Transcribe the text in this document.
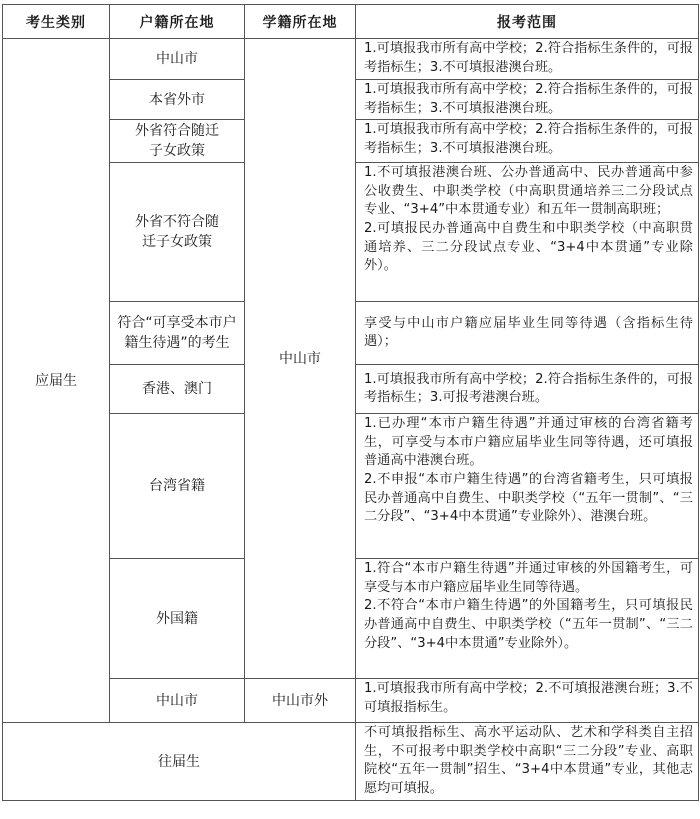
考生类别	户籍所在地	学籍所在地	报考范围
应届生	中山市	中山市	1.可填报我市所有高中学校；2.符合指标生条件的，可报考指标生；3.不可填报港澳台班。
	本省外市		1.可填报我市所有高中学校；2.符合指标生条件的，可报考指标生；3.不可填报港澳台班。
	外省符合随迁子女政策		1.可填报我市所有高中学校；2.符合指标生条件的，可报考指标生；3.不可填报港澳台班。
	外省不符合随迁子女政策		1.不可填报港澳台班、公办普通高中、民办普通高中参公收费生、中职类学校（中高职贯通培养三二分段试点专业、“3+4”中本贯通专业）和五年一贯制高职班；
2.可填报民办普通高中自费生和中职类学校（中高职贯通培养、三二分段试点专业、“3+4中本贯通”专业除外）。
	符合“可享受本市户籍生待遇”的考生		享受与中山市户籍应届毕业生同等待遇（含指标生待遇）；
	香港、澳门		1.可填报我市所有高中学校；2.符合指标生条件的，可报考指标生；3.可报考港澳台班。
	台湾省籍		1.已办理“本市户籍生待遇”并通过审核的台湾省籍考生，可享受与本市户籍应届毕业生同等待遇，还可填报普通高中港澳台班。
2.不申报“本市户籍生待遇”的台湾省籍考生，只可填报民办普通高中自费生、中职类学校（“五年一贯制”、“三二分段”、“3+4中本贯通”专业除外）、港澳台班。
	外国籍		1.符合“本市户籍生待遇”并通过审核的外国籍考生，可享受与本市户籍应届毕业生同等待遇。
2.不符合“本市户籍生待遇”的外国籍考生，只可填报民办普通高中自费生、中职类学校（“五年一贯制”、“三二分段”、“3+4中本贯通”专业除外）。
	中山市	中山市外	1.可填报我市所有高中学校；2.不可填报港澳台班；3.不可填报指标生。
往届生			不可填报指标生、高水平运动队、艺术和学科类自主招生，不可报考中职类学校中高职“三二分段”专业、高职院校“五年一贯制”招生、“3+4中本贯通”专业，其他志愿均可填报。
